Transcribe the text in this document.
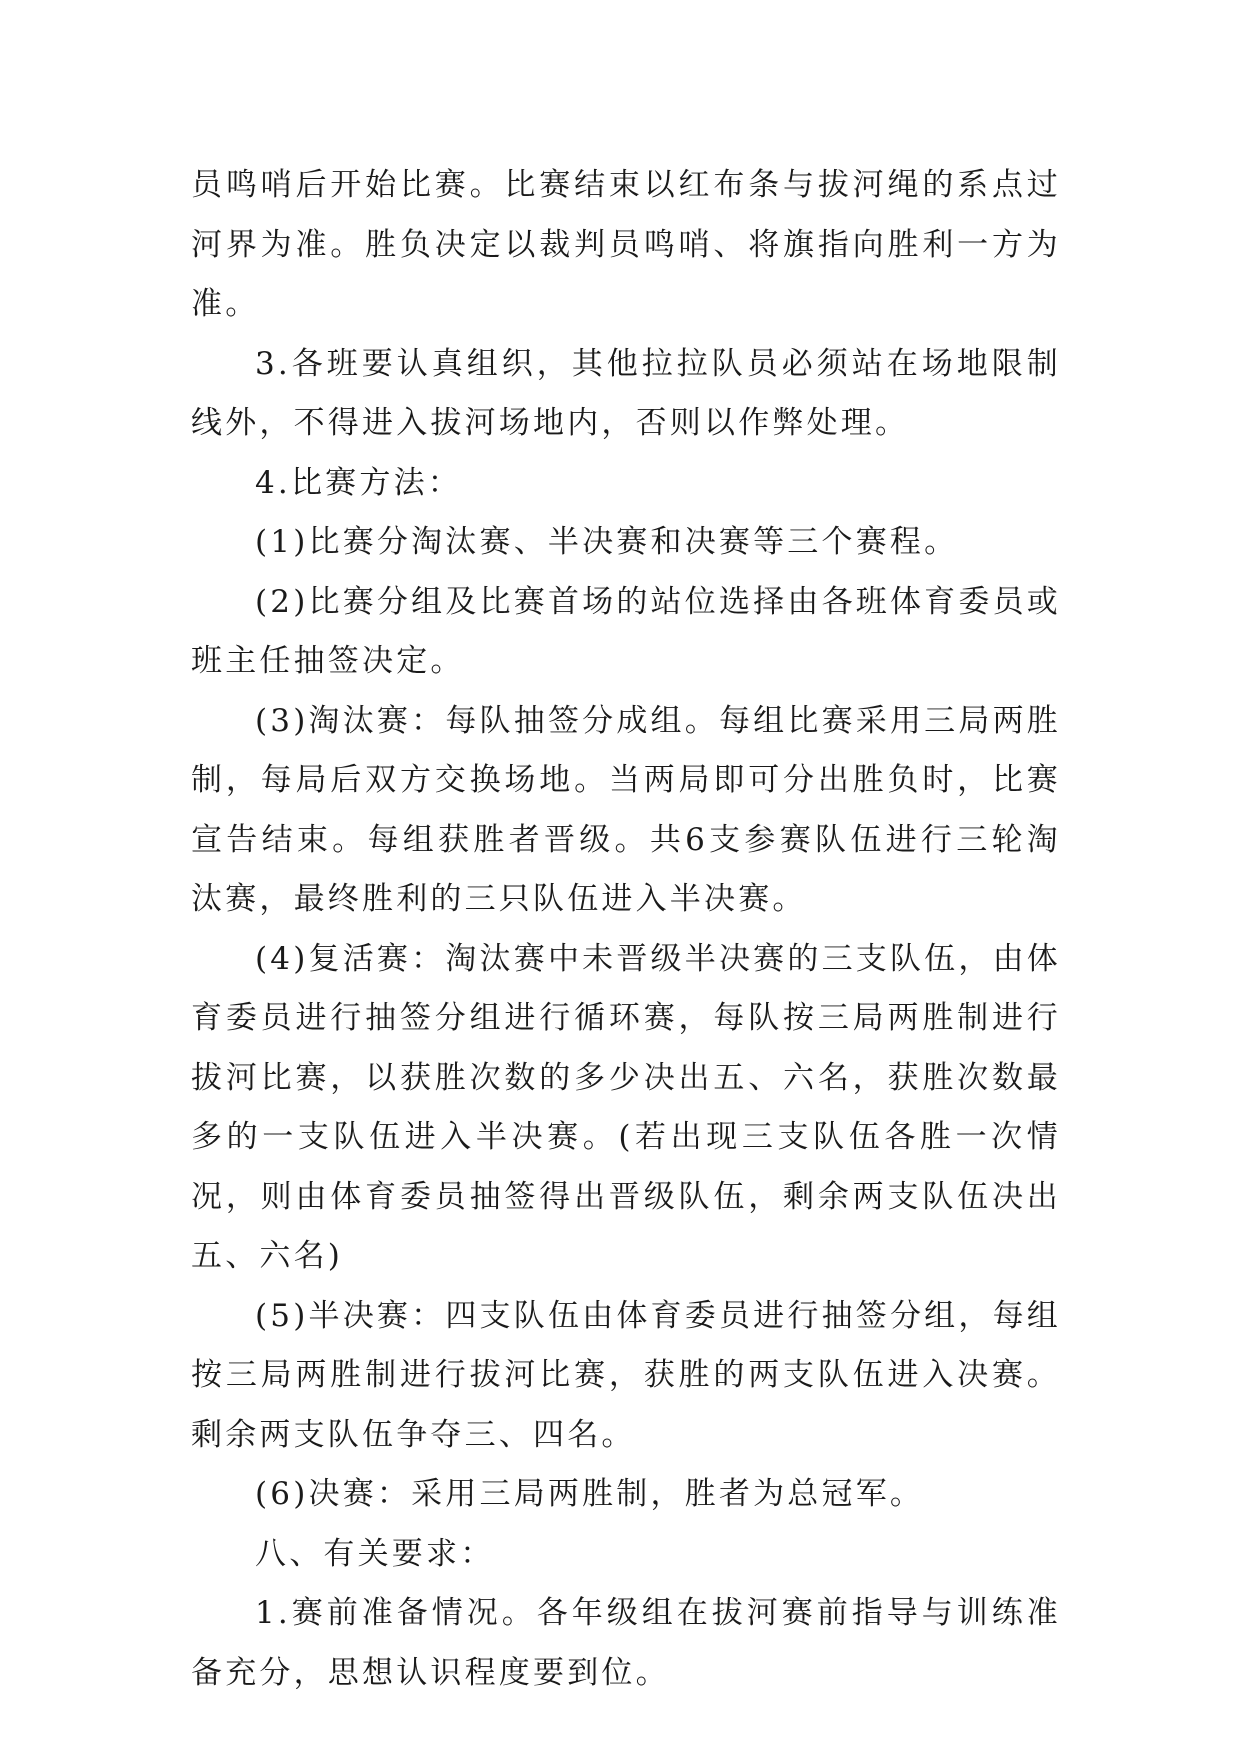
员鸣哨后开始比赛。比赛结束以红布条与拔河绳的系点过河界为准。胜负决定以裁判员鸣哨、将旗指向胜利一方为准。

3.各班要认真组织，其他拉拉队员必须站在场地限制线外，不得进入拔河场地内，否则以作弊处理。

4.比赛方法：

(1)比赛分淘汰赛、半决赛和决赛等三个赛程。

(2)比赛分组及比赛首场的站位选择由各班体育委员或班主任抽签决定。

(3)淘汰赛：每队抽签分成组。每组比赛采用三局两胜制，每局后双方交换场地。当两局即可分出胜负时，比赛宣告结束。每组获胜者晋级。共6支参赛队伍进行三轮淘汰赛，最终胜利的三只队伍进入半决赛。

(4)复活赛：淘汰赛中未晋级半决赛的三支队伍，由体育委员进行抽签分组进行循环赛，每队按三局两胜制进行拔河比赛，以获胜次数的多少决出五、六名，获胜次数最多的一支队伍进入半决赛。(若出现三支队伍各胜一次情况，则由体育委员抽签得出晋级队伍，剩余两支队伍决出五、六名)

(5)半决赛：四支队伍由体育委员进行抽签分组，每组按三局两胜制进行拔河比赛，获胜的两支队伍进入决赛。剩余两支队伍争夺三、四名。

(6)决赛：采用三局两胜制，胜者为总冠军。

八、有关要求：

1.赛前准备情况。各年级组在拔河赛前指导与训练准备充分，思想认识程度要到位。
